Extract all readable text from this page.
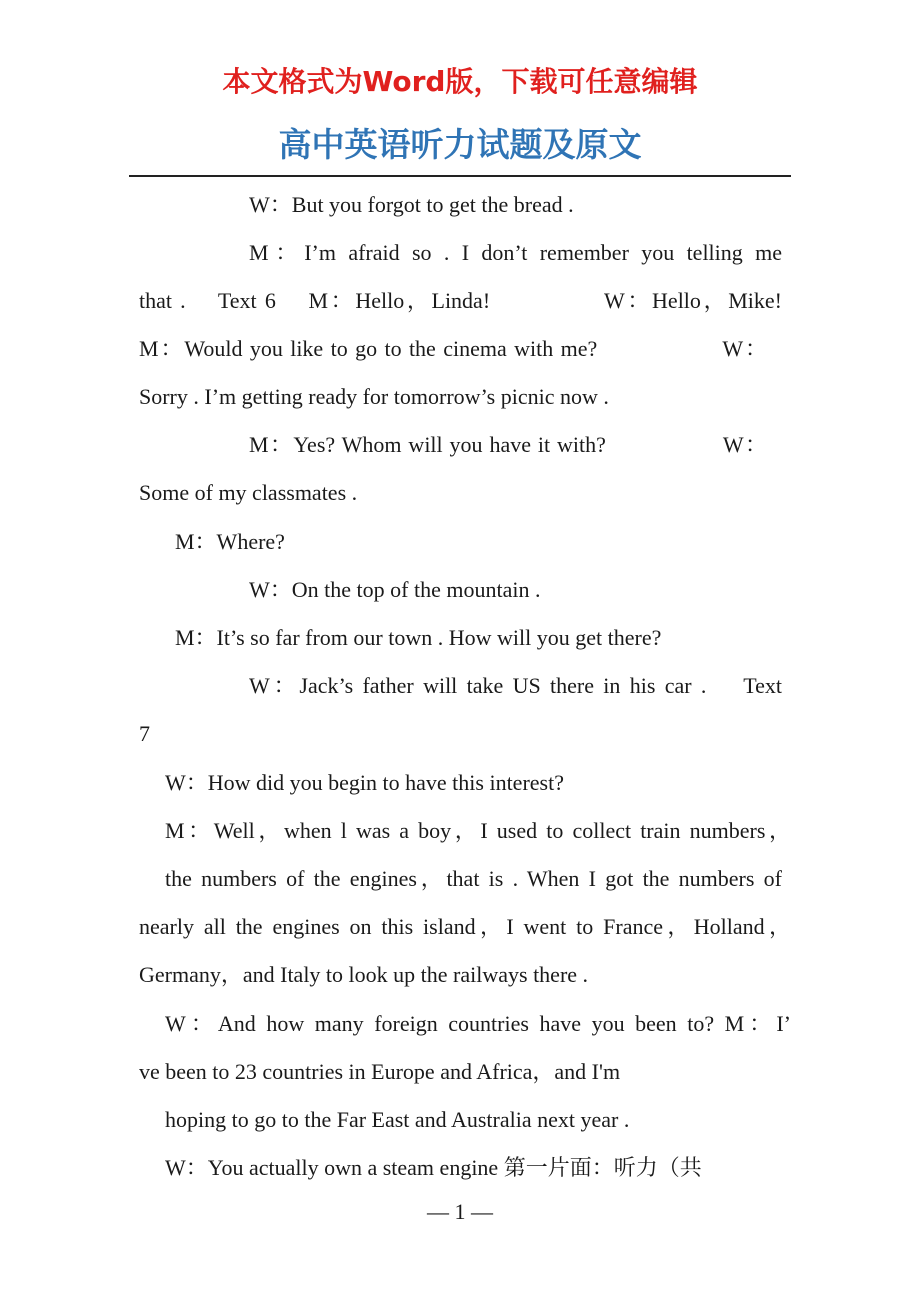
本文格式为Word版，下载可任意编辑
高中英语听力试题及原文
W：But you forgot to get the bread .
M：I’m afraid so . I don’t remember you telling me
that .    Text 6    M：Hello，Linda!              W：Hello，Mike!
M：Would you like to go to the cinema with me?                 W：
Sorry . I’m getting ready for tomorrow’s picnic now .
M：Yes? Whom will you have it with?                 W：
Some of my classmates .
M：Where?
W：On the top of the mountain .
M：It’s so far from our town . How will you get there?
W：Jack’s father will take US there in his car .    Text
7
W：How did you begin to have this interest?
M：Well，when l was a boy，I used to collect train numbers，
the numbers of the engines，that is . When I got the numbers of
nearly all the engines on this island，I went to France，Holland，
Germany，and Italy to look up the railways there .
W：And how many foreign countries have you been to? M：I’
ve been to 23 countries in Europe and Africa，and I'm
hoping to go to the Far East and Australia next year .
W：You actually own a steam engine 第一片面：听力（共
— 1 —
